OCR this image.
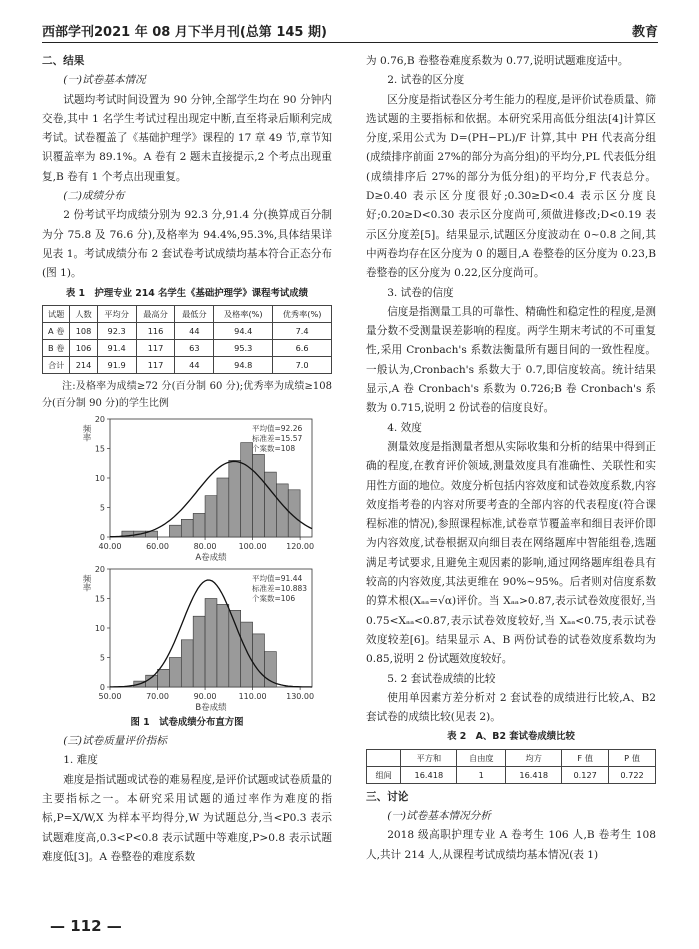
西部学刊2021 年 08 月下半月刊(总第 145 期)	教育

二、结果

(一)试卷基本情况

试题均考试时间设置为 90 分钟,全部学生均在 90 分钟内交卷,其中 1 名学生考试过程出现定中断,直至将录后顺利完成考试。试卷覆盖了《基础护理学》课程的 17 章 49 节,章节知识覆盖率为 89.1%。A 卷有 2 题未直接提示,2 个考点出现重复,B 卷有 1 个考点出现重复。

(二)成绩分布

2 份考试平均成绩分别为 92.3 分,91.4 分(换算成百分制为分 75.8 及 76.6 分),及格率为 94.4%,95.3%,具体结果详见表 1。考试成绩分布 2 套试卷考试成绩均基本符合正态分布(图 1)。

表 1　护理专业 214 名学生《基础护理学》课程考试成绩

试题	人数	平均分	最高分	最低分	及格率(%)	优秀率(%)
A 卷	108	92.3	116	44	94.4	7.4
B 卷	106	91.4	117	63	95.3	6.6
合计	214	91.9	117	44	94.8	7.0

注:及格率为成绩≥72 分(百分制 60 分);优秀率为成绩≥108 分(百分制 90 分)的学生比例

0
5
10
15
20
40.00	60.00	80.00	100.00 120.00
A卷成绩
频率	平均值=92.26
标准差=15.57
个案数=108
0
5
10
15
20
50.00	70.00	90.00	110.00 130.00
B卷成绩
频率	平均值=91.44
标准差=10.883
个案数=106

图 1　试卷成绩分布直方图

(三)试卷质量评价指标

1. 难度

难度是指试题或试卷的难易程度,是评价试题或试卷质量的主要指标之一。本研究采用试题的通过率作为难度的指标,P=X/W,X 为样本平均得分,W 为试题总分,当<P0.3 表示试题难度高,0.3<P<0.8 表示试题中等难度,P>0.8 表示试题难度低[3]。A 卷整卷的难度系数

为 0.76,B 卷整卷难度系数为 0.77,说明试题难度适中。

2. 试卷的区分度

区分度是指试卷区分考生能力的程度,是评价试卷质量、筛选试题的主要指标和依据。本研究采用高低分组法[4]计算区分度,采用公式为 D=(PH−PL)/F 计算,其中 PH 代表高分组(成绩排序前面 27%的部分为高分组)的平均分,PL 代表低分组(成绩排序后 27%的部分为低分组)的平均分,F 代表总分。D≥0.40 表示区分度很好;0.30≥D<0.4 表示区分度良好;0.20≥D<0.30 表示区分度尚可,须做进修改;D<0.19 表示区分度差[5]。结果显示,试题区分度波动在 0~0.8 之间,其中两卷均存在区分度为 0 的题目,A 卷整卷的区分度为 0.23,B 卷整卷的区分度为 0.22,区分度尚可。

3. 试卷的信度

信度是指测量工具的可靠性、精确性和稳定性的程度,是测量分数不受测量误差影响的程度。两学生期末考试的不可重复性,采用 Cronbach's 系数法衡量所有题目间的一致性程度。一般认为,Cronbach's 系数大于 0.7,即信度较高。统计结果显示,A 卷 Cronbach's 系数为 0.726;B 卷 Cronbach's 系数为 0.715,说明 2 份试卷的信度良好。

4. 效度

测量效度是指测量者想从实际收集和分析的结果中得到正确的程度,在教育评价领域,测量效度具有准确性、关联性和实用性方面的地位。效度分析包括内容效度和试卷效度系数,内容效度指考卷的内容对所要考查的全部内容的代表程度(符合课程标准的情况),参照课程标准,试卷章节覆盖率和细目表评价即为内容效度,试卷根据双向细目表在网络题库中智能组卷,选题满足考试要求,且避免主观因素的影响,通过网络题库组卷具有较高的内容效度,其法更维在 90%~95%。后者则对信度系数的算术根(Xₐₐ=√α)评价。当 Xₐₐ>0.87,表示试卷效度很好,当 0.75<Xₐₐ<0.87,表示试卷效度较好,当 Xₐₐ<0.75,表示试卷效度较差[6]。结果显示 A、B 两份试卷的试卷效度系数均为 0.85,说明 2 份试题效度较好。

5. 2 套试卷成绩的比较

使用单因素方差分析对 2 套试卷的成绩进行比较,A、B2 套试卷的成绩比较(见表 2)。

表 2　A、B2 套试卷成绩比较

	平方和	自由度	均方	F 值	P 值
组间	16.418	1	16.418	0.127	0.722

三、讨论

(一)试卷基本情况分析

2018 级高职护理专业 A 卷考生 106 人,B 卷考生 108 人,共计 214 人,从课程考试成绩均基本情况(表 1)

— 112 —
